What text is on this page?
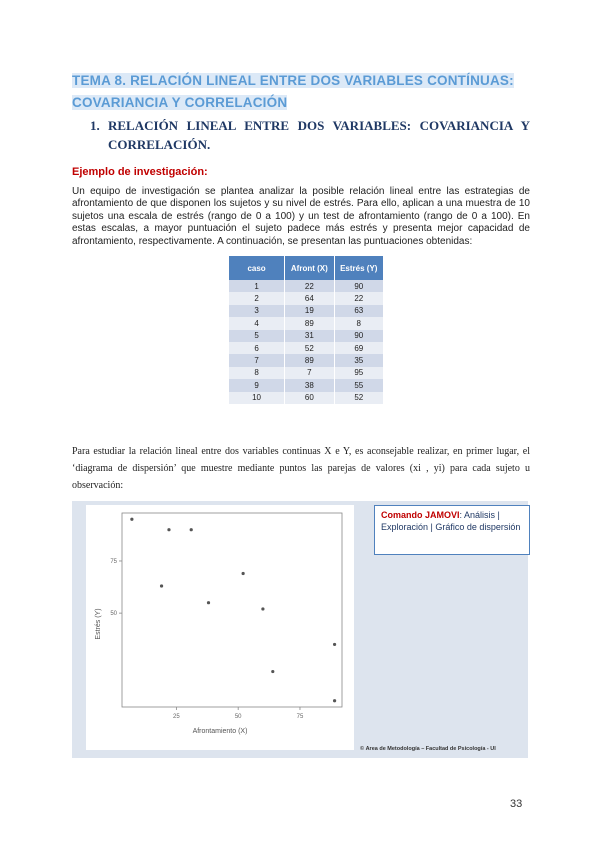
TEMA 8. RELACIÓN LINEAL ENTRE DOS VARIABLES CONTÍNUAS:
COVARIANCIA Y CORRELACIÓN
1. RELACIÓN LINEAL ENTRE DOS VARIABLES: COVARIANCIA Y CORRELACIÓN.
Ejemplo de investigación:
Un equipo de investigación se plantea analizar la posible relación lineal entre las estrategias de afrontamiento de que disponen los sujetos y su nivel de estrés. Para ello, aplican a una muestra de 10 sujetos una escala de estrés (rango de 0 a 100) y un test de afrontamiento (rango de 0 a 100). En estas escalas, a mayor puntuación el sujeto padece más estrés y presenta mejor capacidad de afrontamiento, respectivamente. A continuación, se presentan las puntuaciones obtenidas:
caso	Afront (X)	Estrés (Y)
1	22	90
2	64	22
3	19	63
4	89	8
5	31	90
6	52	69
7	89	35
8	7	95
9	38	55
10	60	52
Para estudiar la relación lineal entre dos variables continuas X e Y, es aconsejable realizar, en primer lugar, el ‘diagrama de dispersión’ que muestre mediante puntos las parejas de valores (xi , yi) para cada sujeto u observación:
25	50	75
50
75
Afrontamiento (X)
Estrés (Y)
Comando JAMOVI: Análisis | Exploración | Gráfico de dispersión
© Área de Metodología – Facultad de Psicología - UI
33
